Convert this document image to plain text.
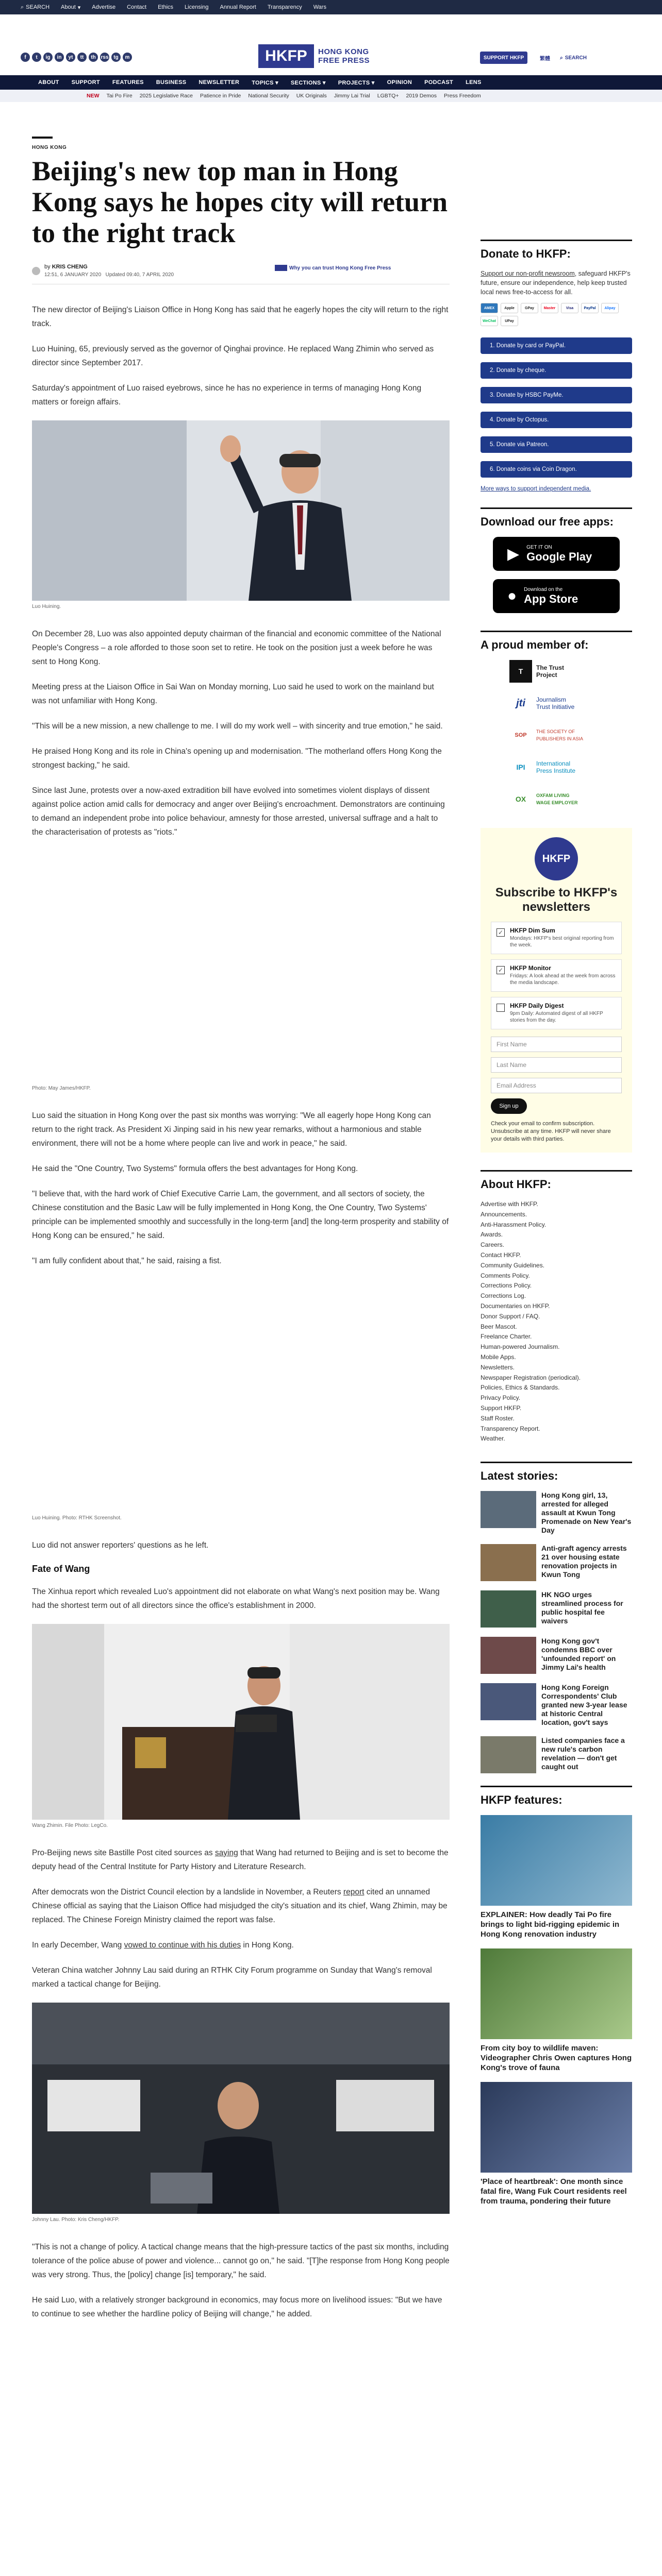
⌕ SEARCH About ▾ Advertise Contact Ethics Licensing Annual Report Transparency Wars
f	t	ig	in	yt	tt	th rss tg	m	HKFP	HONG KONG
FREE PRESS	SUPPORT HKFP	繁體	⌕ SEARCH
ABOUT	SUPPORT	FEATURES	BUSINESS	NEWSLETTER	TOPICS ▾	SECTIONS ▾	PROJECTS ▾	OPINION	PODCAST	LENS
NEW Tai Po Fire 2025 Legislative Race Patience in Pride National Security UK Originals Jimmy Lai Trial LGBTQ+ 2019 Demos Press Freedom
HONG KONG
Beijing's new top man in Hong Kong says he hopes city will return to the right track
by KRIS CHENG
12:51, 6 JANUARY 2020 Updated 09:40, 7 APRIL 2020
Why you can trust Hong Kong Free Press

The new director of Beijing's Liaison Office in Hong Kong has said that he eagerly hopes the city will return to the right track.

Luo Huining, 65, previously served as the governor of Qinghai province. He replaced Wang Zhimin who served as director since September 2017.

Saturday's appointment of Luo raised eyebrows, since he has no experience in terms of managing Hong Kong matters or foreign affairs.

Luo Huining.

On December 28, Luo was also appointed deputy chairman of the financial and economic committee of the National People's Congress – a role afforded to those soon set to retire. He took on the position just a week before he was sent to Hong Kong.

Meeting press at the Liaison Office in Sai Wan on Monday morning, Luo said he used to work on the mainland but was not unfamiliar with Hong Kong.

"This will be a new mission, a new challenge to me. I will do my work well – with sincerity and true emotion," he said.

He praised Hong Kong and its role in China's opening up and modernisation. "The motherland offers Hong Kong the strongest backing," he said.

Since last June, protests over a now-axed extradition bill have evolved into sometimes violent displays of dissent against police action amid calls for democracy and anger over Beijing's encroachment. Demonstrators are continuing to demand an independent probe into police behaviour, amnesty for those arrested, universal suffrage and a halt to the characterisation of protests as "riots."

Photo: May James/HKFP.

Luo said the situation in Hong Kong over the past six months was worrying: "We all eagerly hope Hong Kong can return to the right track. As President Xi Jinping said in his new year remarks, without a harmonious and stable environment, there will not be a home where people can live and work in peace," he said.

He said the "One Country, Two Systems" formula offers the best advantages for Hong Kong.

"I believe that, with the hard work of Chief Executive Carrie Lam, the government, and all sectors of society, the Chinese constitution and the Basic Law will be fully implemented in Hong Kong, the One Country, Two Systems' principle can be implemented smoothly and successfully in the long-term [and] the long-term prosperity and stability of Hong Kong can be ensured," he said.

"I am fully confident about that," he said, raising a fist.

Luo Huining. Photo: RTHK Screenshot.

Luo did not answer reporters' questions as he left.

Fate of Wang

The Xinhua report which revealed Luo's appointment did not elaborate on what Wang's next position may be. Wang had the shortest term out of all directors since the office's establishment in 2000.

Wang Zhimin. File Photo: LegCo.

Pro-Beijing news site Bastille Post cited sources as saying that Wang had returned to Beijing and is set to become the deputy head of the Central Institute for Party History and Literature Research.

After democrats won the District Council election by a landslide in November, a Reuters report cited an unnamed Chinese official as saying that the Liaison Office had misjudged the city's situation and its chief, Wang Zhimin, may be replaced. The Chinese Foreign Ministry claimed the report was false.

In early December, Wang vowed to continue with his duties in Hong Kong.

Veteran China watcher Johnny Lau said during an RTHK City Forum programme on Sunday that Wang's removal marked a tactical change for Beijing.

Johnny Lau. Photo: Kris Cheng/HKFP.

"This is not a change of policy. A tactical change means that the high-pressure tactics of the past six months, including tolerance of the police abuse of power and violence... cannot go on," he said. "[T]he response from Hong Kong people was very strong. Thus, the [policy] change [is] temporary," he said.

He said Luo, with a relatively stronger background in economics, may focus more on livelihood issues: "But we have to continue to see whether the hardline policy of Beijing will change," he added.

Donate to HKFP:

Support our non-profit newsroom, safeguard HKFP's future, ensure our independence, help keep trusted local news free-to-access for all.

AMEX	Apple	GPay	Master	Visa	PayPal	Alipay
WeChat	UPay
1. Donate by card or PayPal.
2. Donate by cheque.
3. Donate by HSBC PayMe.
4. Donate by Octopus.
5. Donate via Patreon.
6. Donate coins via Coin Dragon.
More ways to support independent media.
Download our free apps:
▶ GET IT ON
Google Play
● Download on the
App Store
A proud member of:
T	The Trust
Project
jti	Journalism
Trust Initiative
SOP
THE SOCIETY OF
PUBLISHERS IN ASIA
IPI	International
Press Institute
OX	OXFAM LIVING
WAGE EMPLOYER
HKFP
Subscribe to HKFP's newsletters
✓ HKFP Dim Sum
Mondays: HKFP's best original reporting from the week.
✓ HKFP Monitor
Fridays: A look ahead at the week from across the media landscape.
HKFP Daily Digest
9pm Daily: Automated digest of all HKFP stories from the day.
First Name
Last Name
Email Address
Sign up

Check your email to confirm subscription. Unsubscribe at any time. HKFP will never share your details with third parties.

About HKFP:
Advertise with HKFP.
Announcements.
Anti-Harassment Policy.
Awards.
Careers.
Contact HKFP.
Community Guidelines.
Comments Policy.
Corrections Policy.
Corrections Log.
Documentaries on HKFP.
Donor Support / FAQ.
Beer Mascot.
Freelance Charter.
Human-powered Journalism.
Mobile Apps.
Newsletters.
Newspaper Registration (periodical).
Policies, Ethics & Standards.
Privacy Policy.
Support HKFP.
Staff Roster.
Transparency Report.
Weather.
Latest stories:
Hong Kong girl, 13, arrested for alleged assault at Kwun Tong Promenade on New Year's Day
Anti-graft agency arrests 21 over housing estate renovation projects in Kwun Tong
HK NGO urges streamlined process for public hospital fee waivers
Hong Kong gov't condemns BBC over 'unfounded report' on Jimmy Lai's health
Hong Kong Foreign Correspondents' Club granted new 3-year lease at historic Central location, gov't says
Listed companies face a new rule's carbon revelation — don't get caught out
HKFP features:
EXPLAINER: How deadly Tai Po fire brings to light bid-rigging epidemic in Hong Kong renovation industry
From city boy to wildlife maven: Videographer Chris Owen captures Hong Kong's trove of fauna
'Place of heartbreak': One month since fatal fire, Wang Fuk Court residents reel from trauma, pondering their future
